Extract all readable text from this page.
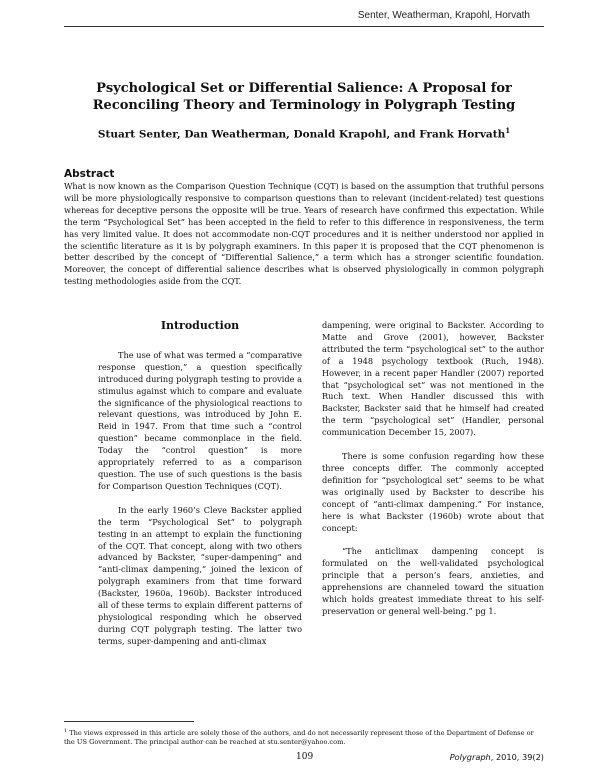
Senter, Weatherman, Krapohl, Horvath
Psychological Set or Differential Salience: A Proposal for
Reconciling Theory and Terminology in Polygraph Testing
Stuart Senter, Dan Weatherman, Donald Krapohl, and Frank Horvath$^1$
Abstract
What is now known as the Comparison Question Technique (CQT) is based on the assumption that truthful persons will be more physiologically responsive to comparison questions than to relevant (incident-related) test questions whereas for deceptive persons the opposite will be true. Years of research have confirmed this expectation. While the term “Psychological Set” has been accepted in the field to refer to this difference in responsiveness, the term has very limited value. It does not accommodate non-CQT procedures and it is neither understood nor applied in the scientific literature as it is by polygraph examiners. In this paper it is proposed that the CQT phenomenon is better described by the concept of “Differential Salience,” a term which has a stronger scientific foundation. Moreover, the concept of differential salience describes what is observed physiologically in common polygraph testing methodologies aside from the CQT.
Introduction

The use of what was termed a “comparative response question,” a question specifically introduced during polygraph testing to provide a stimulus against which to compare and evaluate the significance of the physiological reactions to relevant questions, was introduced by John E. Reid in 1947. From that time such a “control question” became commonplace in the field. Today the “control question” is more appropriately referred to as a comparison question. The use of such questions is the basis for Comparison Question Techniques (CQT).

In the early 1960’s Cleve Backster applied the term “Psychological Set” to polygraph testing in an attempt to explain the functioning of the CQT. That concept, along with two others advanced by Backster, “super-dampening” and “anti-climax dampening,” joined the lexicon of polygraph examiners from that time forward (Backster, 1960a, 1960b). Backster introduced all of these terms to explain different patterns of physiological responding which he observed during CQT polygraph testing. The latter two terms, super-dampening and anti-climax

dampening, were original to Backster. According to Matte and Grove (2001), however, Backster attributed the term “psychological set” to the author of a 1948 psychology textbook (Ruch, 1948). However, in a recent paper Handler (2007) reported that “psychological set” was not mentioned in the Ruch text. When Handler discussed this with Backster, Backster said that he himself had created the term “psychological set” (Handler, personal communication December 15, 2007).

There is some confusion regarding how these three concepts differ. The commonly accepted definition for “psychological set” seems to be what was originally used by Backster to describe his concept of “anti-climax dampening.” For instance, here is what Backster (1960b) wrote about that concept:

“The anticlimax dampening concept is formulated on the well-validated psychological principle that a person’s fears, anxieties, and apprehensions are channeled toward the situation which holds greatest immediate threat to his self-preservation or general well-being.” pg 1.

$^1$ The views expressed in this article are solely those of the authors, and do not necessarily represent those of the Department of Defense or the US Government. The principal author can be reached at stu.senter@yahoo.com.
109	Polygraph, 2010, 39(2)
